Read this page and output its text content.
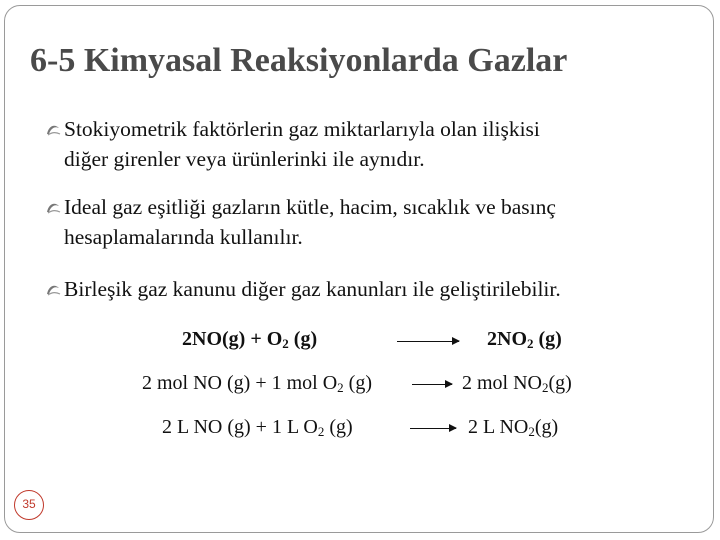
6-5 Kimyasal Reaksiyonlarda Gazlar
Stokiyometrik faktörlerin gaz miktarlarıyla olan ilişkisi
diğer girenler veya ürünlerinki ile aynıdır.
Ideal gaz eşitliği gazların kütle, hacim, sıcaklık ve basınç
hesaplamalarında kullanılır.
Birleşik gaz kanunu diğer gaz kanunları ile geliştirilebilir.
$2NO(g) + O_2$ (g)	$2NO_2$ (g)
2 mol NO (g) + 1 mol $O_2$ (g)	→ 2 mol $NO_2(g)$
2 L NO (g) + 1 L $O_2$ (g)	→ 2 L $NO_2(g)$
35
